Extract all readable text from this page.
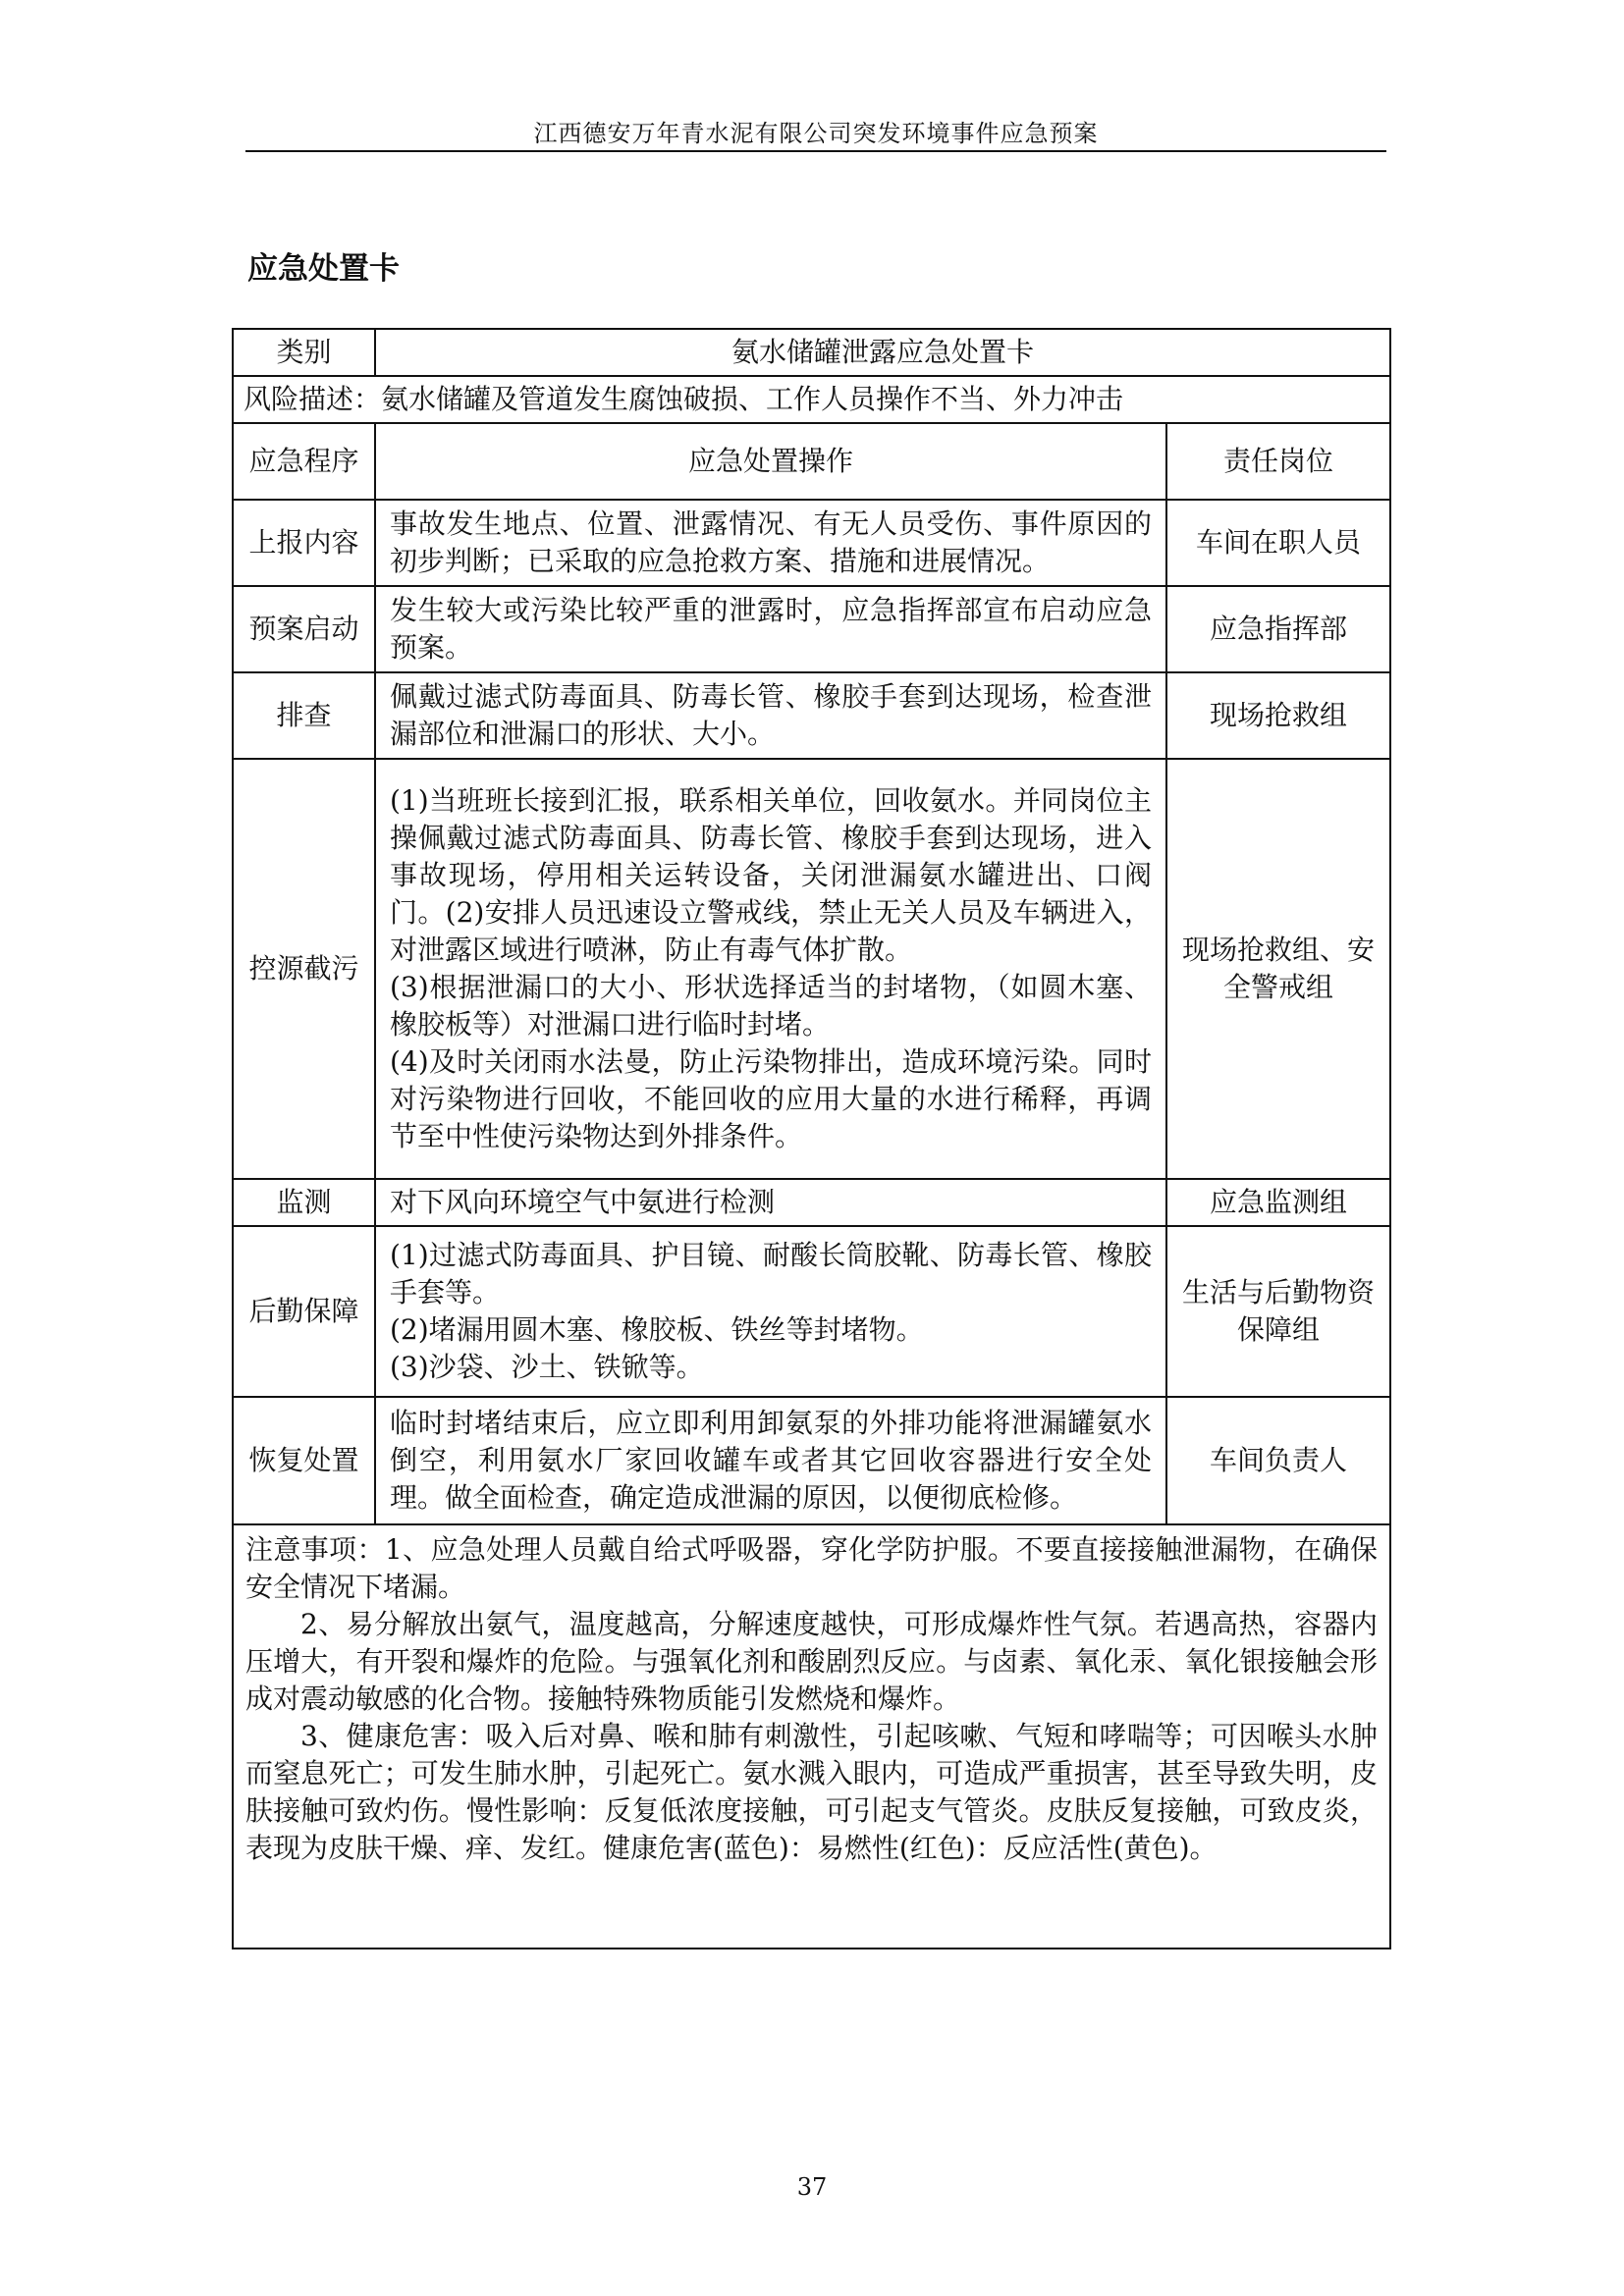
江西德安万年青水泥有限公司突发环境事件应急预案
应急处置卡
类别	氨水储罐泄露应急处置卡	
风险描述：氨水储罐及管道发生腐蚀破损、工作人员操作不当、外力冲击		
应急程序	应急处置操作	责任岗位
上报内容	事故发生地点、位置、泄露情况、有无人员受伤、事件原因的初步判断；已采取的应急抢救方案、措施和进展情况。	车间在职人员
预案启动	发生较大或污染比较严重的泄露时，应急指挥部宣布启动应急预案。	应急指挥部
排查	佩戴过滤式防毒面具、防毒长管、橡胶手套到达现场，检查泄漏部位和泄漏口的形状、大小。	现场抢救组
控源截污	(1)当班班长接到汇报，联系相关单位，回收氨水。并同岗位主操佩戴过滤式防毒面具、防毒长管、橡胶手套到达现场，进入事故现场，停用相关运转设备，关闭泄漏氨水罐进出、口阀门。(2)安排人员迅速设立警戒线，禁止无关人员及车辆进入，对泄露区域进行喷淋，防止有毒气体扩散。

(3)根据泄漏口的大小、形状选择适当的封堵物，（如圆木塞、橡胶板等）对泄漏口进行临时封堵。

(4)及时关闭雨水法曼，防止污染物排出，造成环境污染。同时对污染物进行回收，不能回收的应用大量的水进行稀释，再调节至中性使污染物达到外排条件。	现场抢救组、安全警戒组
监测	对下风向环境空气中氨进行检测	应急监测组
后勤保障	(1)过滤式防毒面具、护目镜、耐酸长筒胶靴、防毒长管、橡胶手套等。

(2)堵漏用圆木塞、橡胶板、铁丝等封堵物。

(3)沙袋、沙土、铁锨等。	生活与后勤物资保障组
恢复处置	临时封堵结束后，应立即利用卸氨泵的外排功能将泄漏罐氨水倒空，利用氨水厂家回收罐车或者其它回收容器进行安全处理。做全面检查，确定造成泄漏的原因，以便彻底检修。	车间负责人

注意事项：1、应急处理人员戴自给式呼吸器，穿化学防护服。不要直接接触泄漏物，在确保安全情况下堵漏。

2、易分解放出氨气，温度越高，分解速度越快，可形成爆炸性气氛。若遇高热，容器内压增大，有开裂和爆炸的危险。与强氧化剂和酸剧烈反应。与卤素、氧化汞、氧化银接触会形成对震动敏感的化合物。接触特殊物质能引发燃烧和爆炸。

3、健康危害：吸入后对鼻、喉和肺有刺激性，引起咳嗽、气短和哮喘等；可因喉头水肿而窒息死亡；可发生肺水肿，引起死亡。氨水溅入眼内，可造成严重损害，甚至导致失明，皮肤接触可致灼伤。慢性影响：反复低浓度接触，可引起支气管炎。皮肤反复接触，可致皮炎，表现为皮肤干燥、痒、发红。健康危害(蓝色)：易燃性(红色)：反应活性(黄色)。		

37
